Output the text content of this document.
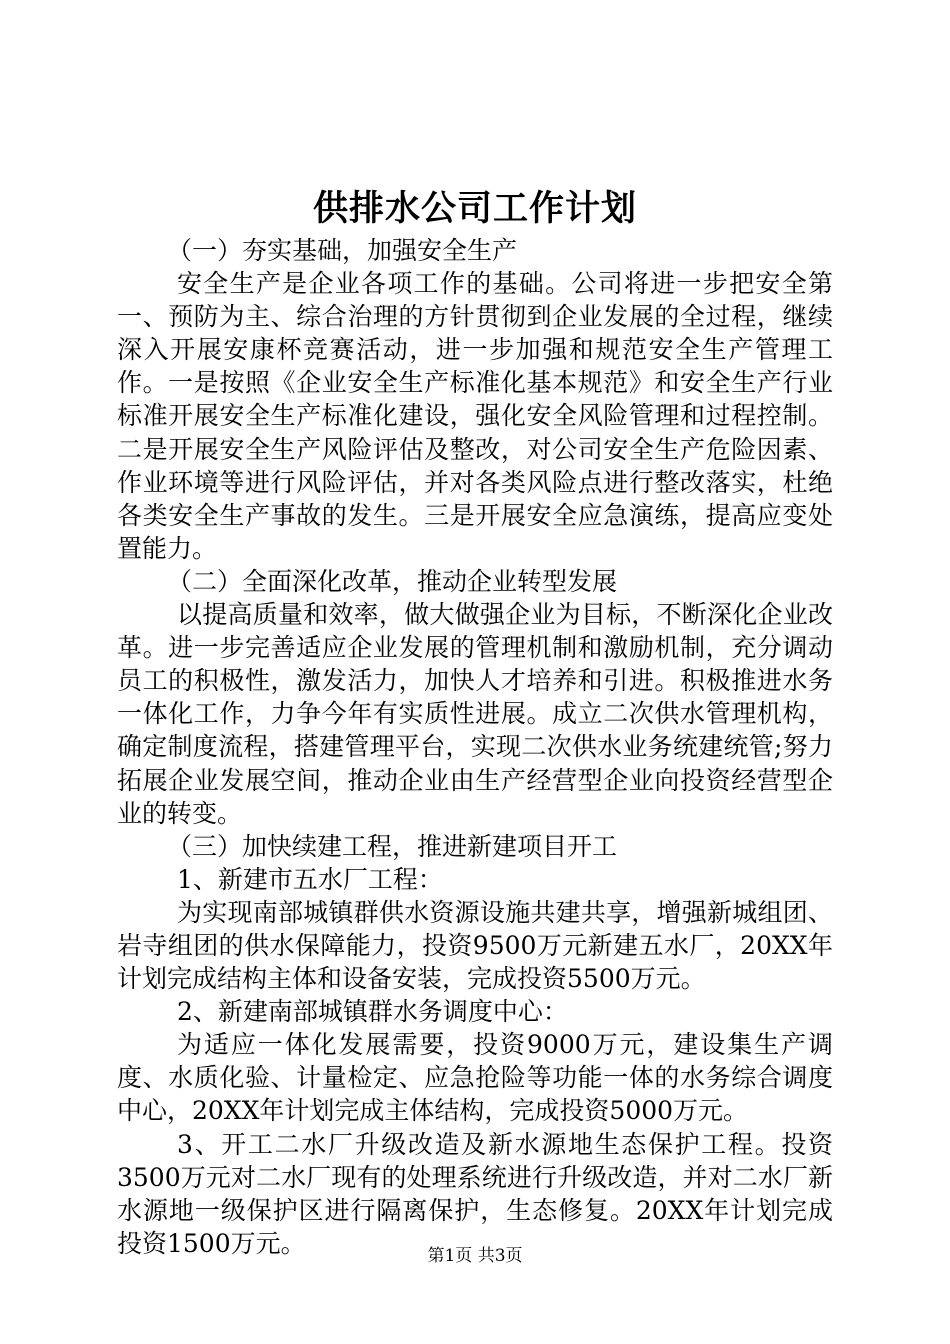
供排水公司工作计划

（一）夯实基础，加强安全生产

安全生产是企业各项工作的基础。公司将进一步把安全第一、预防为主、综合治理的方针贯彻到企业发展的全过程，继续深入开展安康杯竞赛活动，进一步加强和规范安全生产管理工作。一是按照《企业安全生产标准化基本规范》和安全生产行业标准开展安全生产标准化建设，强化安全风险管理和过程控制。二是开展安全生产风险评估及整改，对公司安全生产危险因素、作业环境等进行风险评估，并对各类风险点进行整改落实，杜绝各类安全生产事故的发生。三是开展安全应急演练，提高应变处置能力。

（二）全面深化改革，推动企业转型发展

以提高质量和效率，做大做强企业为目标，不断深化企业改革。进一步完善适应企业发展的管理机制和激励机制，充分调动员工的积极性，激发活力，加快人才培养和引进。积极推进水务一体化工作，力争今年有实质性进展。成立二次供水管理机构，确定制度流程，搭建管理平台，实现二次供水业务统建统管;努力拓展企业发展空间，推动企业由生产经营型企业向投资经营型企业的转变。

（三）加快续建工程，推进新建项目开工

1、新建市五水厂工程：

为实现南部城镇群供水资源设施共建共享，增强新城组团、岩寺组团的供水保障能力，投资9500万元新建五水厂，20XX年计划完成结构主体和设备安装，完成投资5500万元。

2、新建南部城镇群水务调度中心：

为适应一体化发展需要，投资9000万元，建设集生产调度、水质化验、计量检定、应急抢险等功能一体的水务综合调度中心，20XX年计划完成主体结构，完成投资5000万元。

3、开工二水厂升级改造及新水源地生态保护工程。投资3500万元对二水厂现有的处理系统进行升级改造，并对二水厂新水源地一级保护区进行隔离保护，生态修复。20XX年计划完成投资1500万元。	第1页 共3页
